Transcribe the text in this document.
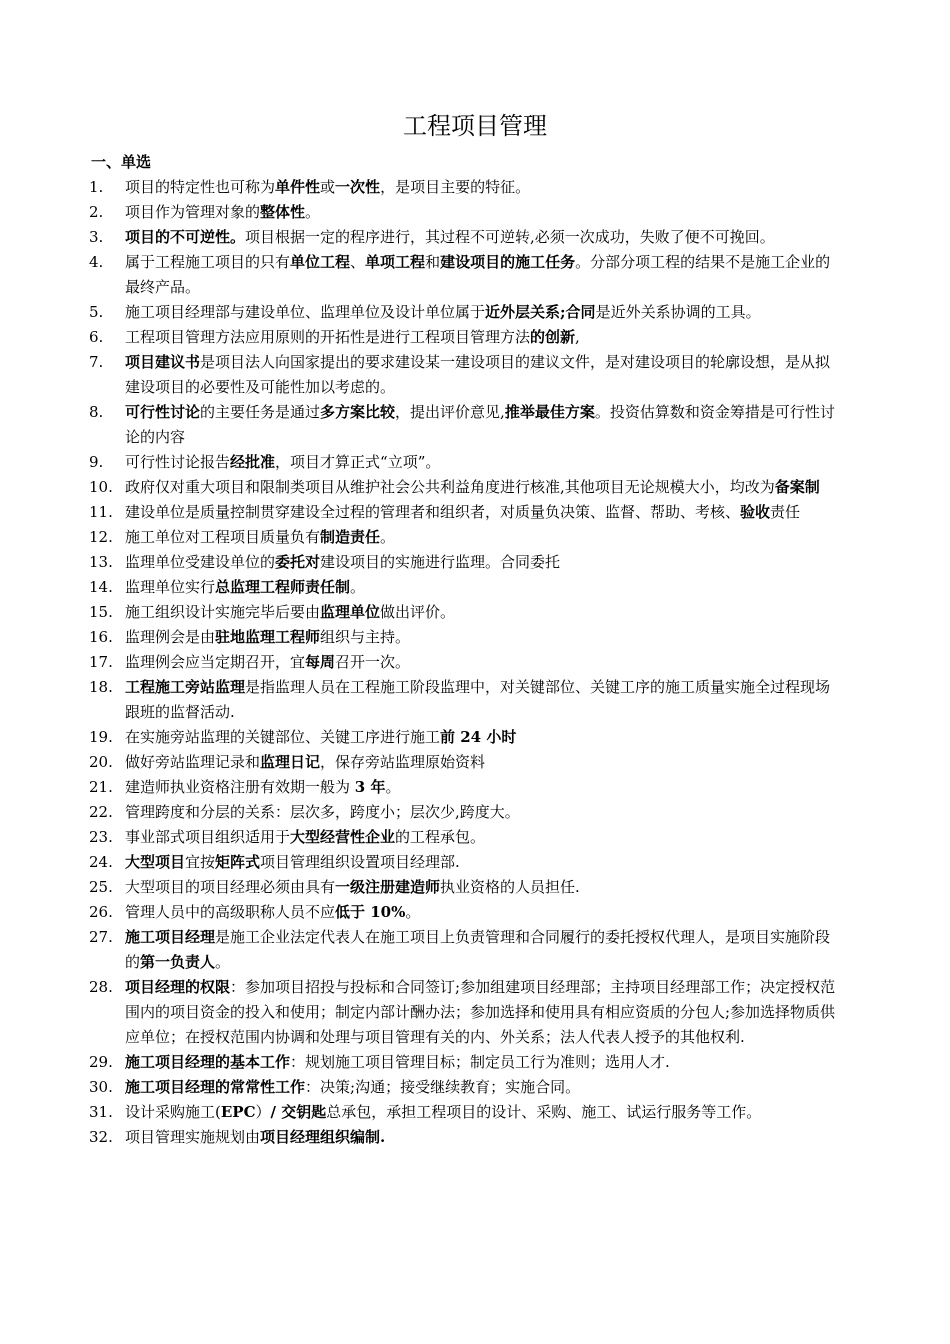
工程项目管理
一、单选
1.	项目的特定性也可称为单件性或一次性，是项目主要的特征。
2.	项目作为管理对象的整体性。
3.	项目的不可逆性。项目根据一定的程序进行，其过程不可逆转,必须一次成功，失败了便不可挽回。
4.	属于工程施工项目的只有单位工程、单项工程和建设项目的施工任务。分部分项工程的结果不是施工企业的最终产品。
5.	施工项目经理部与建设单位、监理单位及设计单位属于近外层关系;合同是近外关系协调的工具。
6.	工程项目管理方法应用原则的开拓性是进行工程项目管理方法的创新,
7.	项目建议书是项目法人向国家提出的要求建设某一建设项目的建议文件，是对建设项目的轮廓设想，是从拟建设项目的必要性及可能性加以考虑的。
8.	可行性讨论的主要任务是通过多方案比较，提出评价意见,推举最佳方案。投资估算数和资金筹措是可行性讨论的内容
9.	可行性讨论报告经批准，项目才算正式“立项”。
10. 政府仅对重大项目和限制类项目从维护社会公共利益角度进行核准,其他项目无论规模大小，均改为备案制
11. 建设单位是质量控制贯穿建设全过程的管理者和组织者，对质量负决策、监督、帮助、考核、验收责任
12. 施工单位对工程项目质量负有制造责任。
13. 监理单位受建设单位的委托对建设项目的实施进行监理。合同委托
14. 监理单位实行总监理工程师责任制。
15. 施工组织设计实施完毕后要由监理单位做出评价。
16. 监理例会是由驻地监理工程师组织与主持。
17. 监理例会应当定期召开，宜每周召开一次。
18. 工程施工旁站监理是指监理人员在工程施工阶段监理中，对关键部位、关键工序的施工质量实施全过程现场跟班的监督活动.
19. 在实施旁站监理的关键部位、关键工序进行施工前 24 小时
20. 做好旁站监理记录和监理日记，保存旁站监理原始资料
21. 建造师执业资格注册有效期一般为 3 年。
22. 管理跨度和分层的关系：层次多，跨度小；层次少,跨度大。
23. 事业部式项目组织适用于大型经营性企业的工程承包。
24. 大型项目宜按矩阵式项目管理组织设置项目经理部.
25. 大型项目的项目经理必须由具有一级注册建造师执业资格的人员担任.
26. 管理人员中的高级职称人员不应低于 10%。
27. 施工项目经理是施工企业法定代表人在施工项目上负责管理和合同履行的委托授权代理人，是项目实施阶段的第一负责人。
28. 项目经理的权限：参加项目招投与投标和合同签订;参加组建项目经理部；主持项目经理部工作；决定授权范围内的项目资金的投入和使用；制定内部计酬办法；参加选择和使用具有相应资质的分包人;参加选择物质供应单位；在授权范围内协调和处理与项目管理有关的内、外关系；法人代表人授予的其他权利.
29. 施工项目经理的基本工作：规划施工项目管理目标；制定员工行为准则；选用人才.
30. 施工项目经理的常常性工作：决策;沟通；接受继续教育；实施合同。
31. 设计采购施工(EPC）/ 交钥匙总承包，承担工程项目的设计、采购、施工、试运行服务等工作。
32. 项目管理实施规划由项目经理组织编制.
